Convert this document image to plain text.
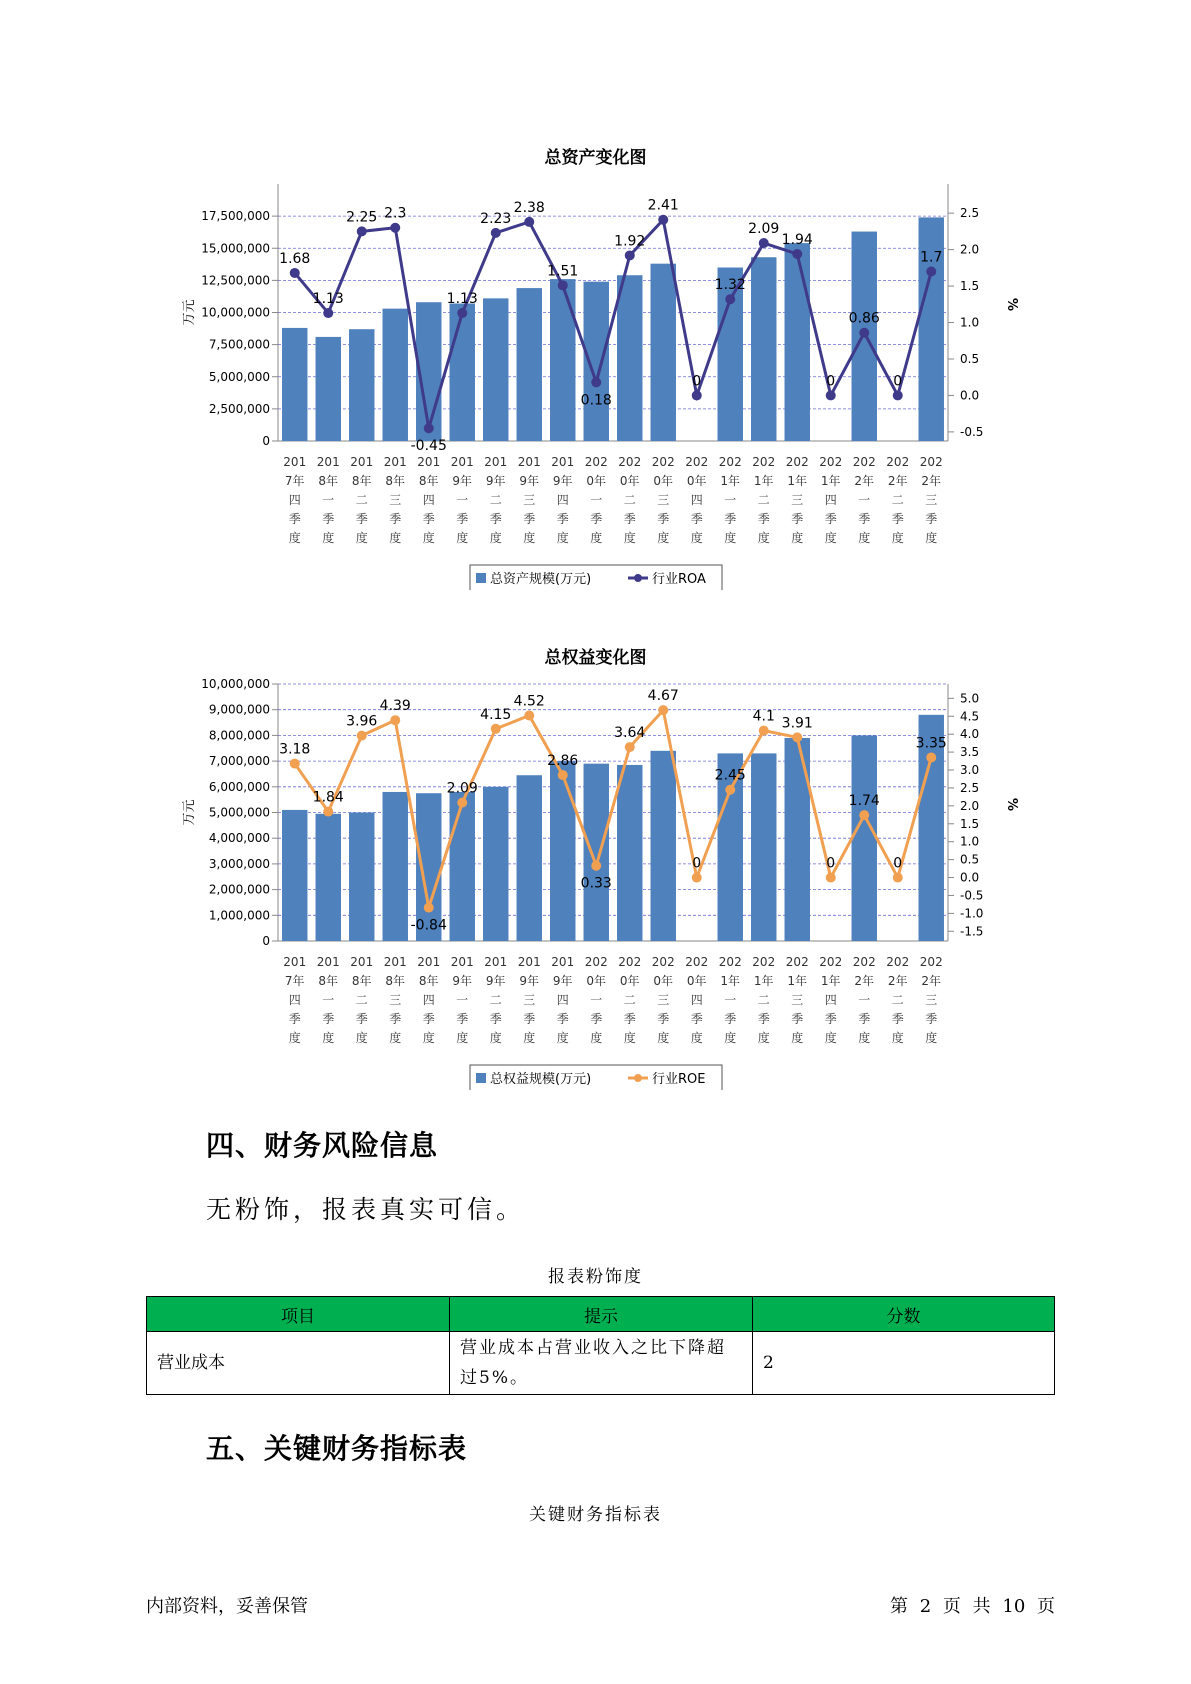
总资产变化图
0
2,500,000
5,000,000
7,500,000
10,000,000
12,500,000
15,000,000
17,500,000
-0.5
0.0
0.5
1.0
1.5
2.0
2.5
万元	%
1.68
1.13
2.25 2.3
-0.45
1.13
2.23
2.38
1.51
0.18
1.92
2.41
0
1.32
2.09
1.94
0
0.86
0
1.7
201
7年
四
季
度
201
8年
一
季
度
201
8年
二
季
度
201
8年
三
季
度
201
8年
四
季
度
201
9年
一
季
度
201
9年
二
季
度
201
9年
三
季
度
201
9年
四
季
度
202
0年
一
季
度
202
0年
二
季
度
202
0年
三
季
度
202
0年
四
季
度
202
1年
一
季
度
202
1年
二
季
度
202
1年
三
季
度
202
1年
四
季
度
202
2年
一
季
度
202
2年
二
季
度
202
2年
三
季
度
总资产规模(万元)	行业ROA
总权益变化图
0
1,000,000
2,000,000
3,000,000
4,000,000
5,000,000
6,000,000
7,000,000
8,000,000
9,000,000
10,000,000
-1.5
-1.0
-0.5
0.0
0.5
1.0
1.5
2.0
2.5
3.0
3.5
4.0
4.5
5.0
万元	%
3.18
1.84
3.96
4.39
-0.84
2.09
4.15
4.52
2.86
0.33
3.64
4.67
0
2.45
4.1 3.91
0
1.74
0
3.35
201
7年
四
季
度
201
8年
一
季
度
201
8年
二
季
度
201
8年
三
季
度
201
8年
四
季
度
201
9年
一
季
度
201
9年
二
季
度
201
9年
三
季
度
201
9年
四
季
度
202
0年
一
季
度
202
0年
二
季
度
202
0年
三
季
度
202
0年
四
季
度
202
1年
一
季
度
202
1年
二
季
度
202
1年
三
季
度
202
1年
四
季
度
202
2年
一
季
度
202
2年
二
季
度
202
2年
三
季
度
总权益规模(万元)	行业ROE
四、财务风险信息
无粉饰，报表真实可信。
报表粉饰度
项目	提示	分数
营业成本	营业成本占营业收入之比下降超过5%。	2
五、关键财务指标表
关键财务指标表
内部资料，妥善保管	第 2 页 共 10 页
